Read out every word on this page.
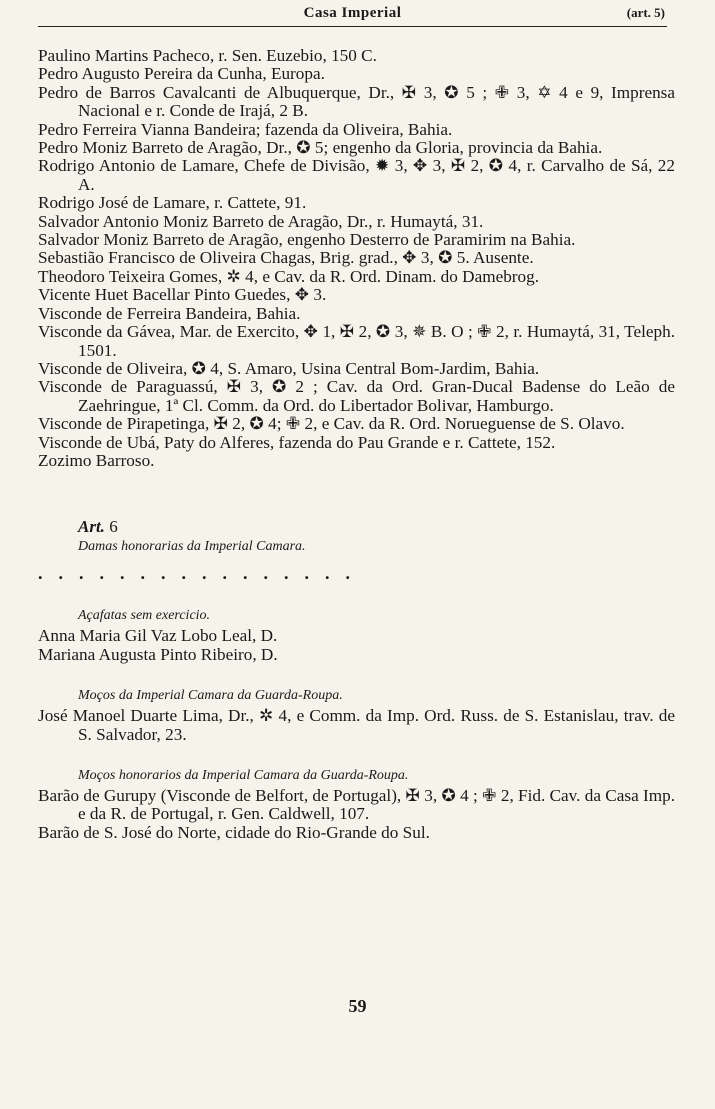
Casa Imperial	(art. 5)

Paulino Martins Pacheco, r. Sen. Euzebio, 150 C.

Pedro Augusto Pereira da Cunha, Europa.

Pedro de Barros Cavalcanti de Albuquerque, Dr., ✠ 3, ✪ 5 ; ✙ 3, ✡ 4 e 9, Imprensa Nacional e r. Conde de Irajá, 2 B.

Pedro Ferreira Vianna Bandeira; fazenda da Oliveira, Bahia.

Pedro Moniz Barreto de Aragão, Dr., ✪ 5; engenho da Gloria, provincia da Bahia.

Rodrigo Antonio de Lamare, Chefe de Divisão, ✹ 3, ✥ 3, ✠ 2, ✪ 4, r. Carvalho de Sá, 22 A.

Rodrigo José de Lamare, r. Cattete, 91.

Salvador Antonio Moniz Barreto de Aragão, Dr., r. Humaytá, 31.

Salvador Moniz Barreto de Aragão, engenho Desterro de Paramirim na Bahia.

Sebastião Francisco de Oliveira Chagas, Brig. grad., ✥ 3, ✪ 5. Ausente.

Theodoro Teixeira Gomes, ✲ 4, e Cav. da R. Ord. Dinam. do Damebrog.

Vicente Huet Bacellar Pinto Guedes, ✥ 3.

Visconde de Ferreira Bandeira, Bahia.

Visconde da Gávea, Mar. de Exercito, ✥ 1, ✠ 2, ✪ 3, ✵ B. O ; ✙ 2, r. Humaytá, 31, Teleph. 1501.

Visconde de Oliveira, ✪ 4, S. Amaro, Usina Central Bom-Jardim, Bahia.

Visconde de Paraguassú, ✠ 3, ✪ 2 ; Cav. da Ord. Gran-Ducal Badense do Leão de Zaehringue, 1ª Cl. Comm. da Ord. do Libertador Bolivar, Hamburgo.

Visconde de Pirapetinga, ✠ 2, ✪ 4; ✙ 2, e Cav. da R. Ord. Norueguense de S. Olavo.

Visconde de Ubá, Paty do Alferes, fazenda do Pau Grande e r. Cattete, 152.

Zozimo Barroso.

Art. 6
Damas honorarias da Imperial Camara.
................
Açafatas sem exercicio.

Anna Maria Gil Vaz Lobo Leal, D.

Mariana Augusta Pinto Ribeiro, D.

Moços da Imperial Camara da Guarda-Roupa.

José Manoel Duarte Lima, Dr., ✲ 4, e Comm. da Imp. Ord. Russ. de S. Estanislau, trav. de S. Salvador, 23.

Moços honorarios da Imperial Camara da Guarda-Roupa.

Barão de Gurupy (Visconde de Belfort, de Portugal), ✠ 3, ✪ 4 ; ✙ 2, Fid. Cav. da Casa Imp. e da R. de Portugal, r. Gen. Caldwell, 107.

Barão de S. José do Norte, cidade do Rio-Grande do Sul.

59
